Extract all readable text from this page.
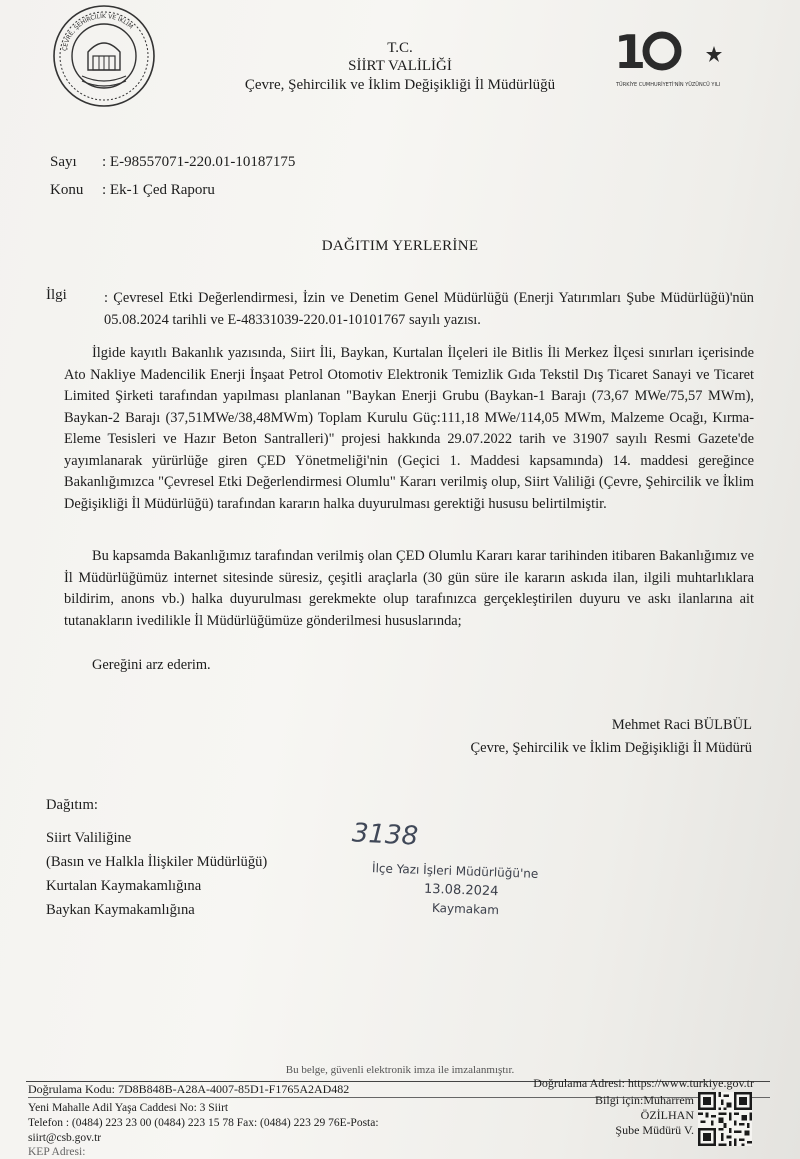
ÇEVRE, ŞEHİRCİLİK VE İKLİM	1
TÜRKİYE CUMHURİYETİ'NİN YÜZÜNCÜ YILI
T.C.
SİİRT VALİLİĞİ
Çevre, Şehircilik ve İklim Değişikliği İl Müdürlüğü
Sayı : E-98557071-220.01-10187175
Konu : Ek-1 Çed Raporu
DAĞITIM YERLERİNE
İlgi	: Çevresel Etki Değerlendirmesi, İzin ve Denetim Genel Müdürlüğü (Enerji Yatırımları Şube Müdürlüğü)'nün 05.08.2024 tarihli ve E-48331039-220.01-10101767 sayılı yazısı.
İlgide kayıtlı Bakanlık yazısında, Siirt İli, Baykan, Kurtalan İlçeleri ile Bitlis İli Merkez İlçesi sınırları içerisinde Ato Nakliye Madencilik Enerji İnşaat Petrol Otomotiv Elektronik Temizlik Gıda Tekstil Dış Ticaret Sanayi ve Ticaret Limited Şirketi tarafından yapılması planlanan "Baykan Enerji Grubu (Baykan-1 Barajı (73,67 MWe/75,57 MWm), Baykan-2 Barajı (37,51MWe/38,48MWm) Toplam Kurulu Güç:111,18 MWe/114,05 MWm, Malzeme Ocağı, Kırma-Eleme Tesisleri ve Hazır Beton Santralleri)" projesi hakkında 29.07.2022 tarih ve 31907 sayılı Resmi Gazete'de yayımlanarak yürürlüğe giren ÇED Yönetmeliği'nin (Geçici 1. Maddesi kapsamında) 14. maddesi gereğince Bakanlığımızca "Çevresel Etki Değerlendirmesi Olumlu" Kararı verilmiş olup, Siirt Valiliği (Çevre, Şehircilik ve İklim Değişikliği İl Müdürlüğü) tarafından kararın halka duyurulması gerektiği hususu belirtilmiştir.
Bu kapsamda Bakanlığımız tarafından verilmiş olan ÇED Olumlu Kararı karar tarihinden itibaren Bakanlığımız ve İl Müdürlüğümüz internet sitesinde süresiz, çeşitli araçlarla (30 gün süre ile kararın askıda ilan, ilgili muhtarlıklara bildirim, anons vb.) halka duyurulması gerekmekte olup tarafınızca gerçekleştirilen duyuru ve askı ilanlarına ait tutanakların ivedilikle İl Müdürlüğümüze gönderilmesi hususlarında;
Gereğini arz ederim.
Mehmet Raci BÜLBÜL
Çevre, Şehircilik ve İklim Değişikliği İl Müdürü
Dağıtım:
Siirt Valiliğine
(Basın ve Halkla İlişkiler Müdürlüğü)
Kurtalan Kaymakamlığına
Baykan Kaymakamlığına
3138
İlçe Yazı İşleri Müdürlüğü'ne
13.08.2024
Kaymakam
Bu belge, güvenli elektronik imza ile imzalanmıştır.
Doğrulama Kodu: 7D8B848B-A28A-4007-85D1-F1765A2AD482	Doğrulama Adresi: https://www.turkiye.gov.tr
Yeni Mahalle Adil Yaşa Caddesi No: 3 Siirt
Telefon : (0484) 223 23 00 (0484) 223 15 78 Fax: (0484) 223 29 76E-Posta:
siirt@csb.gov.tr
KEP Adresi:
Bilgi için:Muharrem
ÖZİLHAN
Şube Müdürü V.
